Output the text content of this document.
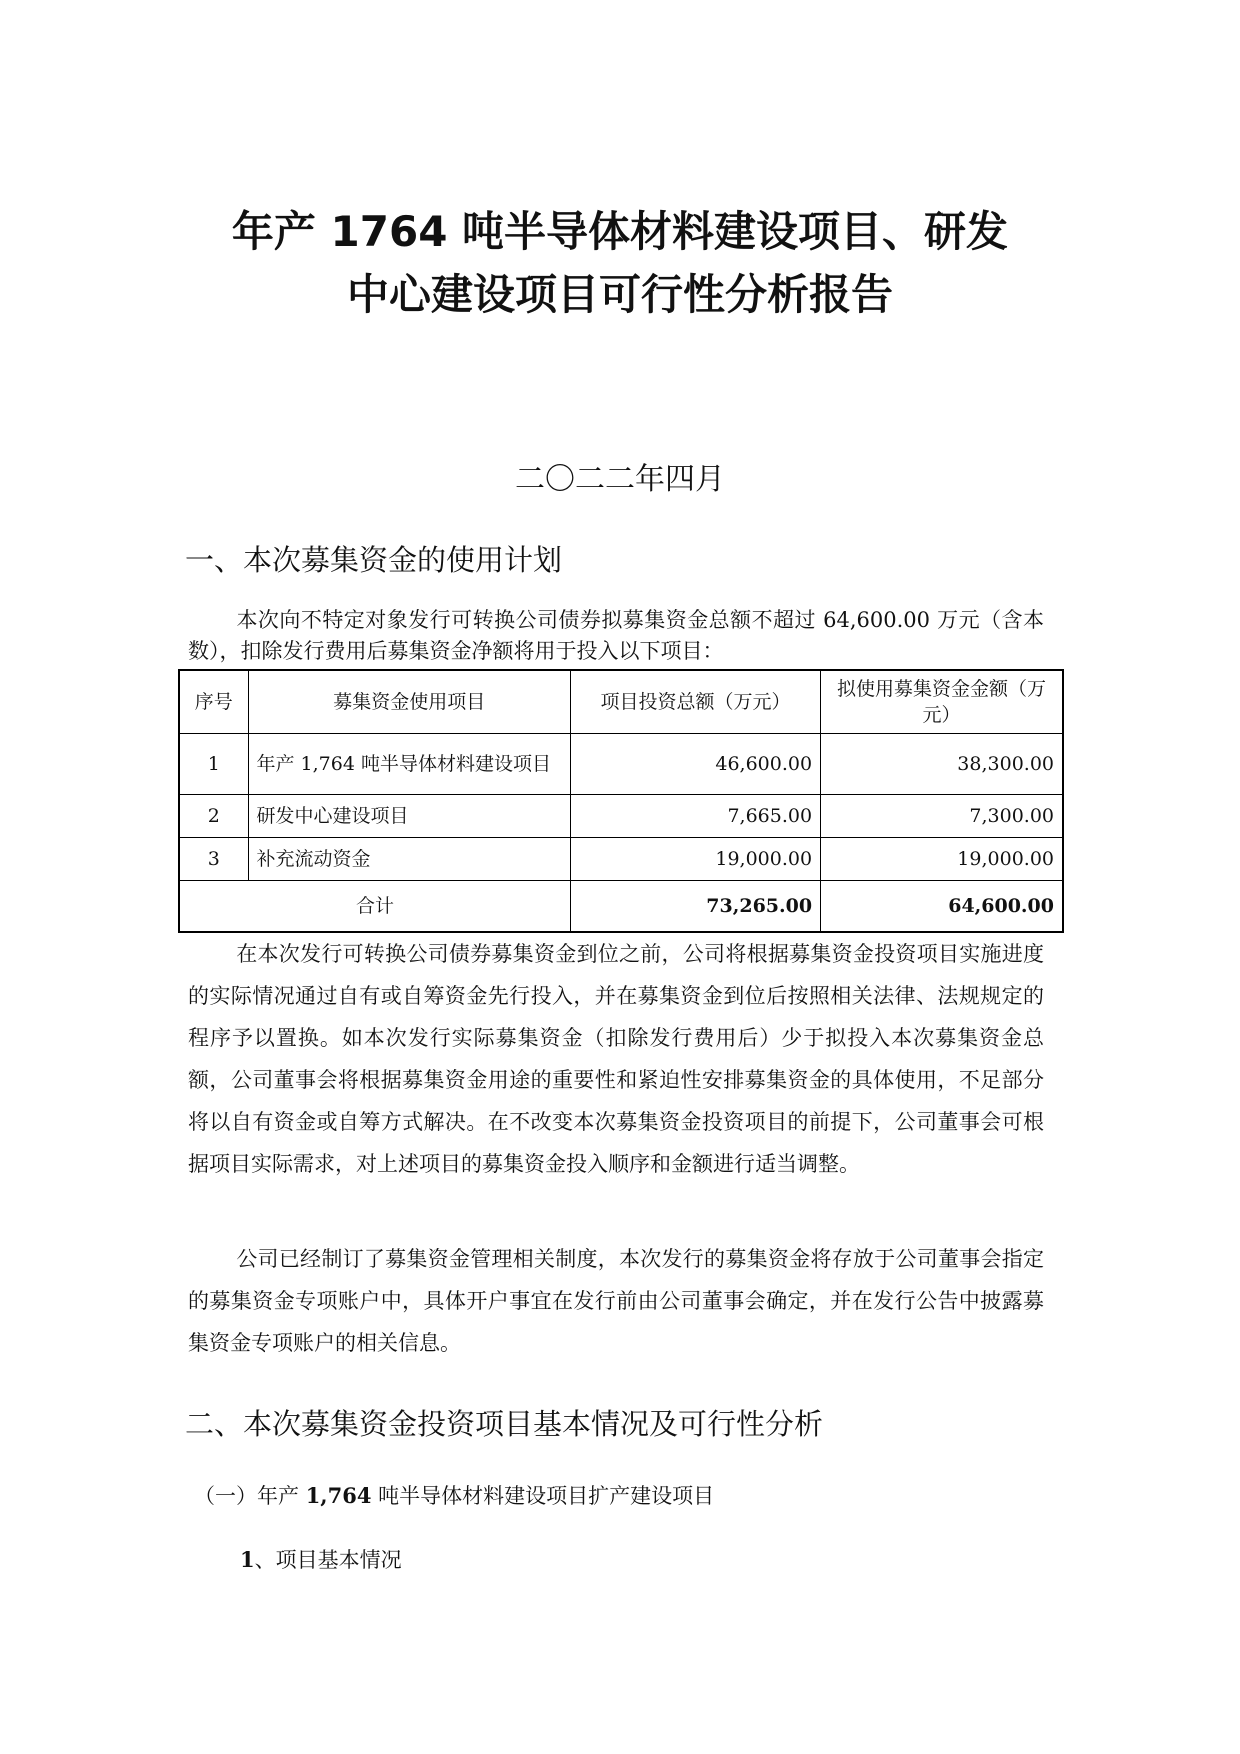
年产 1764 吨半导体材料建设项目、研发
中心建设项目可行性分析报告
二〇二二年四月
一、本次募集资金的使用计划
本次向不特定对象发行可转换公司债券拟募集资金总额不超过 64,600.00 万元（含本数），扣除发行费用后募集资金净额将用于投入以下项目：
序号	募集资金使用项目	项目投资总额（万元）	拟使用募集资金金额（万元）
1	年产 1,764 吨半导体材料建设项目	46,600.00	38,300.00
2	研发中心建设项目	7,665.00	7,300.00
3	补充流动资金	19,000.00	19,000.00
合计		73,265.00	64,600.00
在本次发行可转换公司债券募集资金到位之前，公司将根据募集资金投资项目实施进度的实际情况通过自有或自筹资金先行投入，并在募集资金到位后按照相关法律、法规规定的程序予以置换。如本次发行实际募集资金（扣除发行费用后）少于拟投入本次募集资金总额，公司董事会将根据募集资金用途的重要性和紧迫性安排募集资金的具体使用，不足部分将以自有资金或自筹方式解决。在不改变本次募集资金投资项目的前提下，公司董事会可根据项目实际需求，对上述项目的募集资金投入顺序和金额进行适当调整。
公司已经制订了募集资金管理相关制度，本次发行的募集资金将存放于公司董事会指定的募集资金专项账户中，具体开户事宜在发行前由公司董事会确定，并在发行公告中披露募集资金专项账户的相关信息。
二、本次募集资金投资项目基本情况及可行性分析
（一）年产 1,764 吨半导体材料建设项目扩产建设项目
1、项目基本情况
